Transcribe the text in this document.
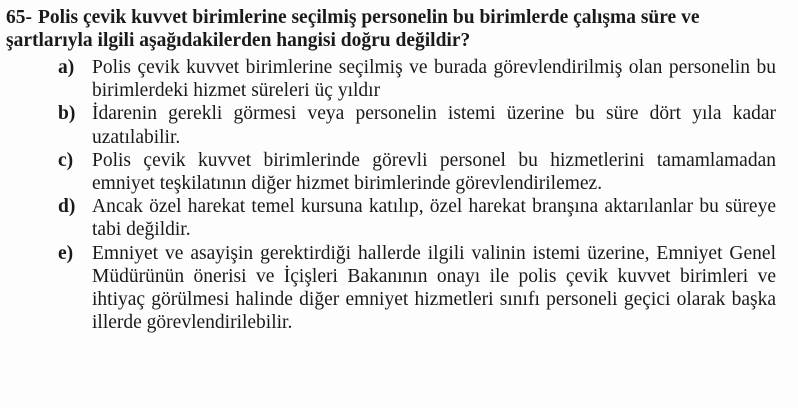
65- Polis çevik kuvvet birimlerine seçilmiş personelin bu birimlerde çalışma süre ve şartlarıyla ilgili aşağıdakilerden hangisi doğru değildir?

a) Polis çevik kuvvet birimlerine seçilmiş ve burada görevlendirilmiş olan personelin bu birimlerdeki hizmet süreleri üç yıldır
b) İdarenin gerekli görmesi veya personelin istemi üzerine bu süre dört yıla kadar uzatılabilir.
c) Polis çevik kuvvet birimlerinde görevli personel bu hizmetlerini tamamlamadan emniyet teşkilatının diğer hizmet birimlerinde görevlendirilemez.
d) Ancak özel harekat temel kursuna katılıp, özel harekat branşına aktarılanlar bu süreye tabi değildir.
e) Emniyet ve asayişin gerektirdiği hallerde ilgili valinin istemi üzerine, Emniyet Genel Müdürünün önerisi ve İçişleri Bakanının onayı ile polis çevik kuvvet birimleri ve ihtiyaç görülmesi halinde diğer emniyet hizmetleri sınıfı personeli geçici olarak başka illerde görevlendirilebilir.
